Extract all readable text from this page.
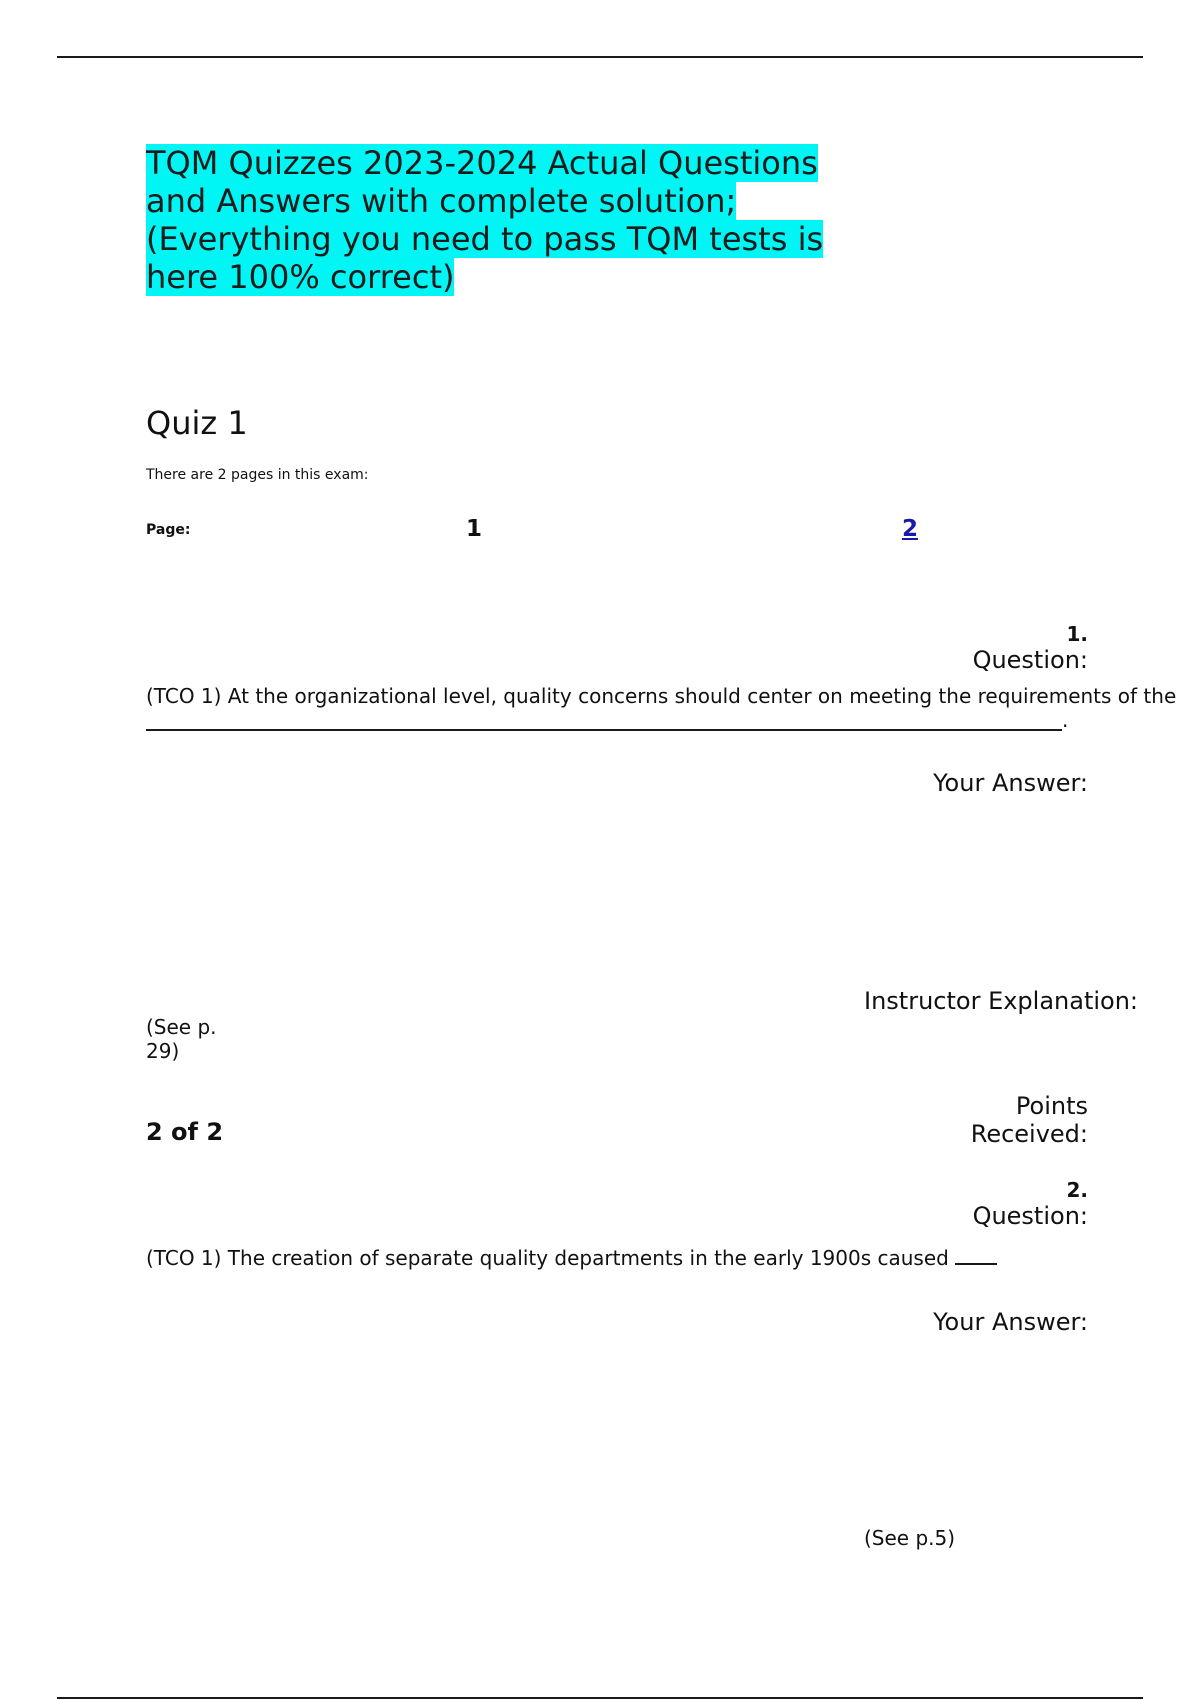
TQM Quizzes 2023-2024 Actual Questions and Answers with complete solution; (Everything you need to pass TQM tests is here 100% correct)
Quiz 1
There are 2 pages in this exam:
Page:	1	2
1.
Question:
(TCO 1) At the organizational level, quality concerns should center on meeting the requirements of the
.
Your Answer:
Instructor Explanation:
(See p. 29)
Points Received:
2 of 2
2.
Question:
(TCO 1) The creation of separate quality departments in the early 1900s caused
Your Answer:
(See p.5)
